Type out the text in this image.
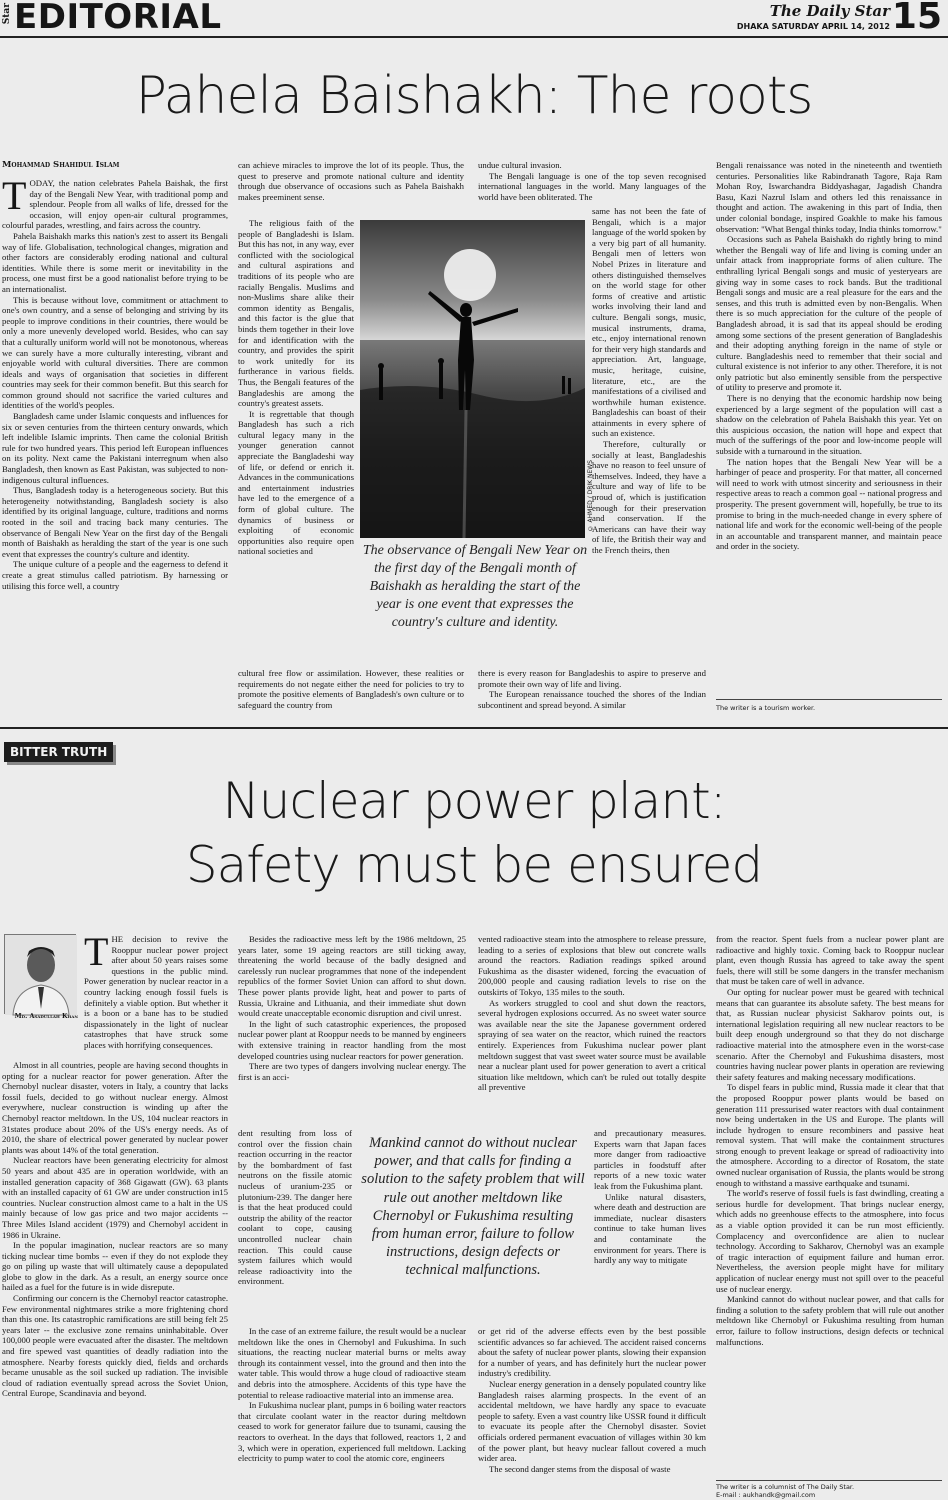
Star EDITORIAL	The Daily Star
DHAKA SATURDAY APRIL 14, 2012 15
Pahela Baishakh: The roots
Mohammad Shahidul Islam
T ODAY, the nation celebrates Pahela Baishak, the first day of the Bengali New Year, with traditional pomp and splendour. People from all walks of life, dressed for the occasion, will enjoy open-air cultural programmes, colourful parades, wrestling, and fairs across the country.

Pahela Baishakh marks this nation's zest to assert its Bengali way of life. Globalisation, technological changes, migration and other factors are considerably eroding national and cultural identities. While there is some merit or inevitability in the process, one must first be a good nationalist before trying to be an internationalist.

This is because without love, commitment or attachment to one's own country, and a sense of belonging and striving by its people to improve conditions in their countries, there would be only a more unevenly developed world. Besides, who can say that a culturally uniform world will not be monotonous, whereas we can surely have a more culturally interesting, vibrant and enjoyable world with cultural diversities. There are common ideals and ways of organisation that societies in different countries may seek for their common benefit. But this search for common ground should not sacrifice the varied cultures and identities of the world's peoples.

Bangladesh came under Islamic conquests and influences for six or seven centuries from the thirteen century onwards, which left indelible Islamic imprints. Then came the colonial British rule for two hundred years. This period left European influences on its polity. Next came the Pakistani interregnum when also Bangladesh, then known as East Pakistan, was subjected to non-indigenous cultural influences.

Thus, Bangladesh today is a heterogeneous society. But this heterogeneity notwithstanding, Bangladesh society is also identified by its original language, culture, traditions and norms rooted in the soil and tracing back many centuries. The observance of Bengali New Year on the first day of the Bengali month of Baishakh as heralding the start of the year is one such event that expresses the country's culture and identity.

The unique culture of a people and the eagerness to defend it create a great stimulus called patriotism. By harnessing or utilising this force well, a country

can achieve miracles to improve the lot of its people. Thus, the quest to preserve and promote national culture and identity through due observance of occasions such as Pahela Baishakh makes preeminent sense.

The religious faith of the people of Bangladeshi is Islam. But this has not, in any way, ever conflicted with the sociological and cultural aspirations and traditions of its people who are racially Bengalis. Muslims and non-Muslims share alike their common identity as Bengalis, and this factor is the glue that binds them together in their love for and identification with the country, and provides the spirit to work unitedly for its furtherance in various fields. Thus, the Bengali features of the Bangladeshis are among the country's greatest assets.

It is regrettable that though Bangladesh has such a rich cultural legacy many in the younger generation cannot appreciate the Bangladeshi way of life, or defend or enrich it. Advances in the communications and entertainment industries have led to the emergence of a form of global culture. The dynamics of business or exploiting of economic opportunities also require open national societies and

cultural free flow or assimilation. However, these realities or requirements do not negate either the need for policies to try to promote the positive elements of Bangladesh's own culture or to safeguard the country from

© AHMED / DRIK NEWS
The observance of Bengali New Year on the first day of the Bengali month of Baishakh as heralding the start of the year is one event that expresses the country's culture and identity.

undue cultural invasion.

The Bengali language is one of the top seven recognised international languages in the world. Many languages of the world have been obliterated. The

same has not been the fate of Bengali, which is a major language of the world spoken by a very big part of all humanity. Bengali men of letters won Nobel Prizes in literature and others distinguished themselves on the world stage for other forms of creative and artistic works involving their land and culture. Bengali songs, music, musical instruments, drama, etc., enjoy international renown for their very high standards and appreciation. Art, language, music, heritage, cuisine, literature, etc., are the manifestations of a civilised and worthwhile human existence. Bangladeshis can boast of their attainments in every sphere of such an existence.

Therefore, culturally or socially at least, Bangladeshis have no reason to feel unsure of themselves. Indeed, they have a culture and way of life to be proud of, which is justification enough for their preservation and conservation. If the Americans can have their way of life, the British their way and the French theirs, then

there is every reason for Bangladeshis to aspire to preserve and promote their own way of life and living.

The European renaissance touched the shores of the Indian subcontinent and spread beyond. A similar

Bengali renaissance was noted in the nineteenth and twentieth centuries. Personalities like Rabindranath Tagore, Raja Ram Mohan Roy, Iswarchandra Biddyashagar, Jagadish Chandra Basu, Kazi Nazrul Islam and others led this renaissance in thought and action. The awakening in this part of India, then under colonial bondage, inspired Goakhle to make his famous observation: "What Bengal thinks today, India thinks tomorrow."

Occasions such as Pahela Baishakh do rightly bring to mind whether the Bengali way of life and living is coming under an unfair attack from inappropriate forms of alien culture. The enthralling lyrical Bengali songs and music of yesteryears are giving way in some cases to rock bands. But the traditional Bengali songs and music are a real pleasure for the ears and the senses, and this truth is admitted even by non-Bengalis. When there is so much appreciation for the culture of the people of Bangladesh abroad, it is sad that its appeal should be eroding among some sections of the present generation of Bangladeshis and their adopting anything foreign in the name of style or culture. Bangladeshis need to remember that their social and cultural existence is not inferior to any other. Therefore, it is not only patriotic but also eminently sensible from the perspective of utility to preserve and promote it.

There is no denying that the economic hardship now being experienced by a large segment of the population will cast a shadow on the celebration of Pahela Baishakh this year. Yet on this auspicious occasion, the nation will hope and expect that much of the sufferings of the poor and low-income people will subside with a turnaround in the situation.

The nation hopes that the Bengali New Year will be a harbinger of peace and prosperity. For that matter, all concerned will need to work with utmost sincerity and seriousness in their respective areas to reach a common goal -- national progress and prosperity. The present government will, hopefully, be true to its promise to bring in the much-needed change in every sphere of national life and work for the economic well-being of the people in an accountable and transparent manner, and maintain peace and order in the society.

The writer is a tourism worker.
BITTER TRUTH
Nuclear power plant:
Safety must be ensured
Md. Asadullah Khan
T HE decision to revive the Rooppur nuclear power project after about 50 years raises some questions in the public mind. Power generation by nuclear reactor in a country lacking enough fossil fuels is definitely a viable option. But whether it is a boon or a bane has to be studied dispassionately in the light of nuclear catastrophes that have struck some places with horrifying consequences.

Almost in all countries, people are having second thoughts in opting for a nuclear reactor for power generation. After the Chernobyl nuclear disaster, voters in Italy, a country that lacks fossil fuels, decided to go without nuclear energy. Almost everywhere, nuclear construction is winding up after the Chernobyl reactor meltdown. In the US, 104 nuclear reactors in 31states produce about 20% of the US's energy needs. As of 2010, the share of electrical power generated by nuclear power plants was about 14% of the total generation.

Nuclear reactors have been generating electricity for almost 50 years and about 435 are in operation worldwide, with an installed generation capacity of 368 Gigawatt (GW). 63 plants with an installed capacity of 61 GW are under construction in15 countries. Nuclear construction almost came to a halt in the US mainly because of low gas price and two major accidents -- Three Miles Island accident (1979) and Chernobyl accident in 1986 in Ukraine.

In the popular imagination, nuclear reactors are so many ticking nuclear time bombs -- even if they do not explode they go on piling up waste that will ultimately cause a depopulated globe to glow in the dark. As a result, an energy source once hailed as a fuel for the future is in wide disrepute.

Confirming our concern is the Chernobyl reactor catastrophe. Few environmental nightmares strike a more frightening chord than this one. Its catastrophic ramifications are still being felt 25 years later -- the exclusive zone remains uninhabitable. Over 100,000 people were evacuated after the disaster. The meltdown and fire spewed vast quantities of deadly radiation into the atmosphere. Nearby forests quickly died, fields and orchards became unusable as the soil sucked up radiation. The invisible cloud of radiation eventually spread across the Soviet Union, Central Europe, Scandinavia and beyond.

Besides the radioactive mess left by the 1986 meltdown, 25 years later, some 19 ageing reactors are still ticking away, threatening the world because of the badly designed and carelessly run nuclear programmes that none of the independent republics of the former Soviet Union can afford to shut down. These power plants provide light, heat and power to parts of Russia, Ukraine and Lithuania, and their immediate shut down would create unacceptable economic disruption and civil unrest.

In the light of such catastrophic experiences, the proposed nuclear power plant at Rooppur needs to be manned by engineers with extensive training in reactor handling from the most developed countries using nuclear reactors for power generation.

There are two types of dangers involving nuclear energy. The first is an acci-

dent resulting from loss of control over the fission chain reaction occurring in the reactor by the bombardment of fast neutrons on the fissile atomic nucleus of uranium-235 or plutonium-239. The danger here is that the heat produced could outstrip the ability of the reactor coolant to cope, causing uncontrolled nuclear chain reaction. This could cause system failures which would release radioactivity into the environment.

In the case of an extreme failure, the result would be a nuclear meltdown like the ones in Chernobyl and Fukushima. In such situations, the reacting nuclear material burns or melts away through its containment vessel, into the ground and then into the water table. This would throw a huge cloud of radioactive steam and debris into the atmosphere. Accidents of this type have the potential to release radioactive material into an immense area.

In Fukushima nuclear plant, pumps in 6 boiling water reactors that circulate coolant water in the reactor during meltdown ceased to work for generator failure due to tsunami, causing the reactors to overheat. In the days that followed, reactors 1, 2 and 3, which were in operation, experienced full meltdown. Lacking electricity to pump water to cool the atomic core, engineers

Mankind cannot do without nuclear power, and that calls for finding a solution to the safety problem that will rule out another meltdown like Chernobyl or Fukushima resulting from human error, failure to follow instructions, design defects or technical malfunctions.

vented radioactive steam into the atmosphere to release pressure, leading to a series of explosions that blew out concrete walls around the reactors. Radiation readings spiked around Fukushima as the disaster widened, forcing the evacuation of 200,000 people and causing radiation levels to rise on the outskirts of Tokyo, 135 miles to the south.

As workers struggled to cool and shut down the reactors, several hydrogen explosions occurred. As no sweet water source was available near the site the Japanese government ordered spraying of sea water on the reactor, which ruined the reactors entirely. Experiences from Fukushima nuclear power plant meltdown suggest that vast sweet water source must be available near a nuclear plant used for power generation to avert a critical situation like meltdown, which can't be ruled out totally despite all preventive

and precautionary measures. Experts warn that Japan faces more danger from radioactive particles in foodstuff after reports of a new toxic water leak from the Fukushima plant.

Unlike natural disasters, where death and destruction are immediate, nuclear disasters continue to take human lives and contaminate the environment for years. There is hardly any way to mitigate

or get rid of the adverse effects even by the best possible scientific advances so far achieved. The accident raised concerns about the safety of nuclear power plants, slowing their expansion for a number of years, and has definitely hurt the nuclear power industry's credibility.

Nuclear energy generation in a densely populated country like Bangladesh raises alarming prospects. In the event of an accidental meltdown, we have hardly any space to evacuate people to safety. Even a vast country like USSR found it difficult to evacuate its people after the Chernobyl disaster. Soviet officials ordered permanent evacuation of villages within 30 km of the power plant, but heavy nuclear fallout covered a much wider area.

The second danger stems from the disposal of waste

from the reactor. Spent fuels from a nuclear power plant are radioactive and highly toxic. Coming back to Rooppur nuclear plant, even though Russia has agreed to take away the spent fuels, there will still be some dangers in the transfer mechanism that must be taken care of well in advance.

Our opting for nuclear power must be geared with technical means that can guarantee its absolute safety. The best means for that, as Russian nuclear physicist Sakharov points out, is international legislation requiring all new nuclear reactors to be built deep enough underground so that they do not discharge radioactive material into the atmosphere even in the worst-case scenario. After the Chernobyl and Fukushima disasters, most countries having nuclear power plants in operation are reviewing their safety features and making necessary modifications.

To dispel fears in public mind, Russia made it clear that that the proposed Rooppur power plants would be based on generation 111 pressurised water reactors with dual containment now being undertaken in the US and Europe. The plants will include hydrogen to ensure recombiners and passive heat removal system. That will make the containment structures strong enough to prevent leakage or spread of radioactivity into the atmosphere. According to a director of Rosatom, the state owned nuclear organisation of Russia, the plants would be strong enough to withstand a massive earthquake and tsunami.

The world's reserve of fossil fuels is fast dwindling, creating a serious hurdle for development. That brings nuclear energy, which adds no greenhouse effects to the atmosphere, into focus as a viable option provided it can be run most efficiently. Complacency and overconfidence are alien to nuclear technology. According to Sakharov, Chernobyl was an example of tragic interaction of equipment failure and human error. Nevertheless, the aversion people might have for military application of nuclear energy must not spill over to the peaceful use of nuclear energy.

Mankind cannot do without nuclear power, and that calls for finding a solution to the safety problem that will rule out another meltdown like Chernobyl or Fukushima resulting from human error, failure to follow instructions, design defects or technical malfunctions.

The writer is a columnist of The Daily Star.
E-mail : aukhandk@gmail.com
